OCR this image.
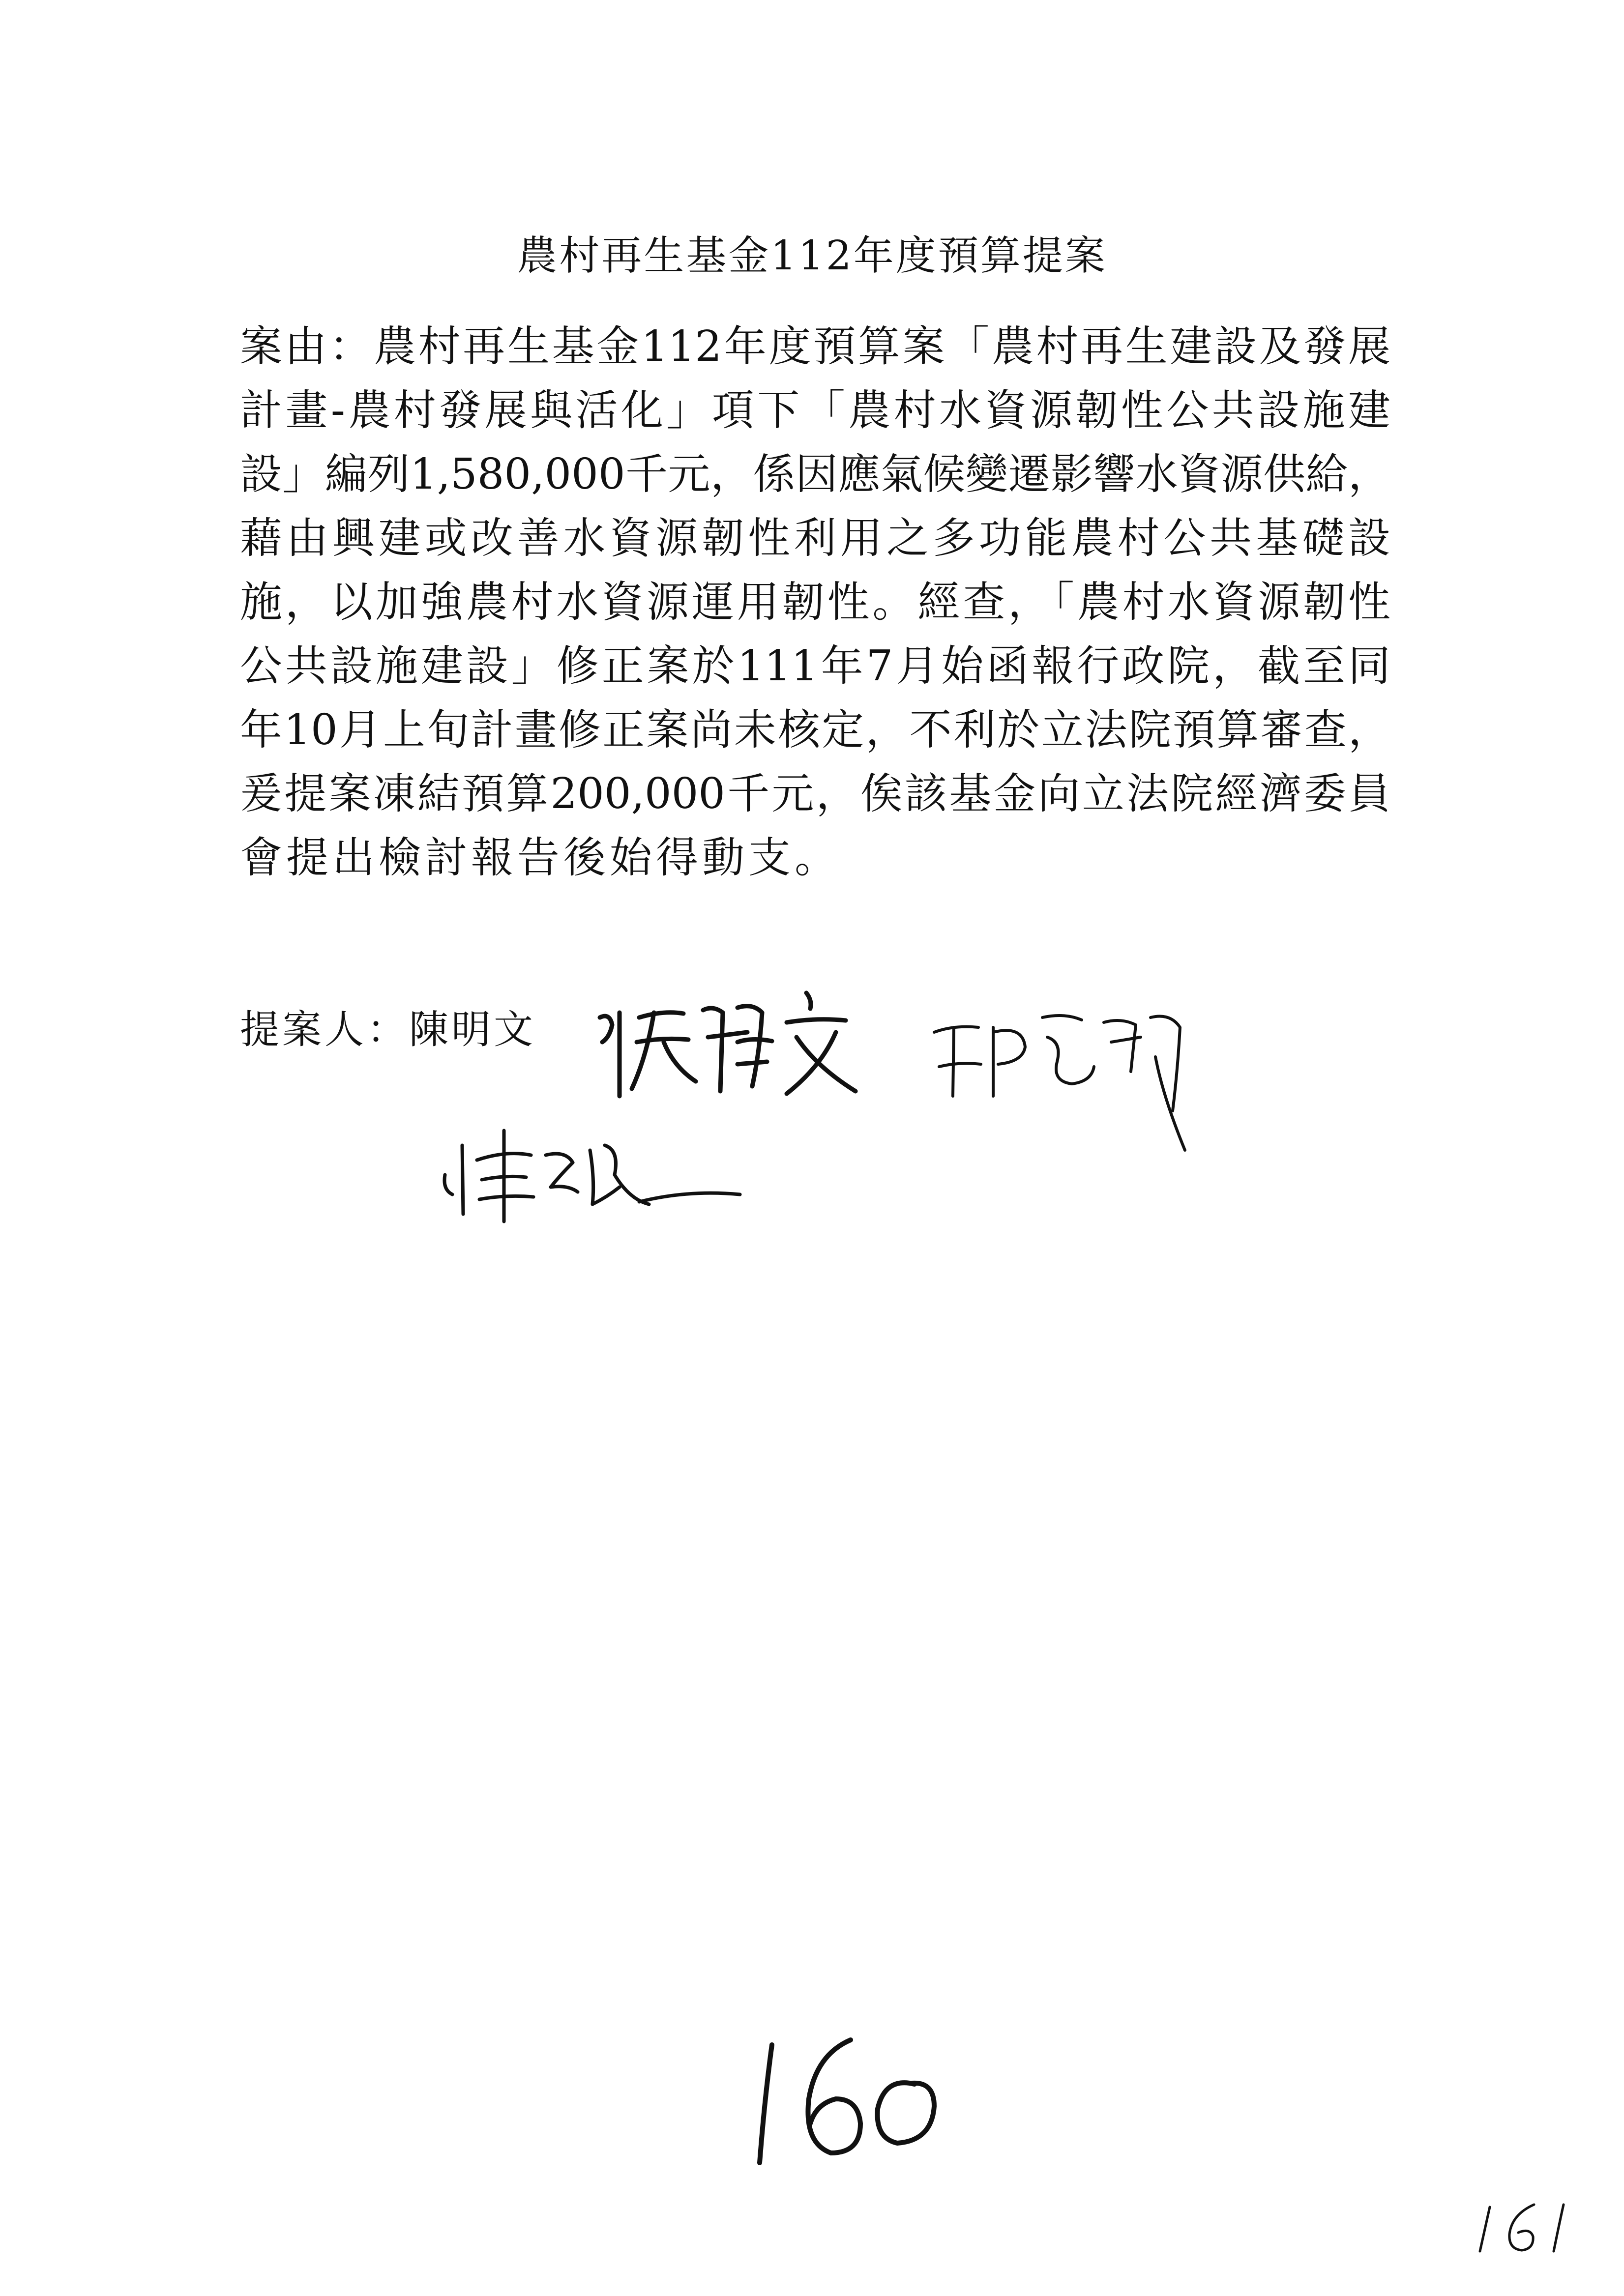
農村再生基金112年度預算提案
案由：農村再生基金112年度預算案「農村再生建設及發展
計畫-農村發展與活化」項下「農村水資源韌性公共設施建
設」編列1,580,000千元，係因應氣候變遷影響水資源供給，
藉由興建或改善水資源韌性利用之多功能農村公共基礎設
施，以加強農村水資源運用韌性。經查，「農村水資源韌性
公共設施建設」修正案於111年7月始函報行政院，截至同
年10月上旬計畫修正案尚未核定，不利於立法院預算審查，
爰提案凍結預算200,000千元，俟該基金向立法院經濟委員
會提出檢討報告後始得動支。
提案人：陳明文
